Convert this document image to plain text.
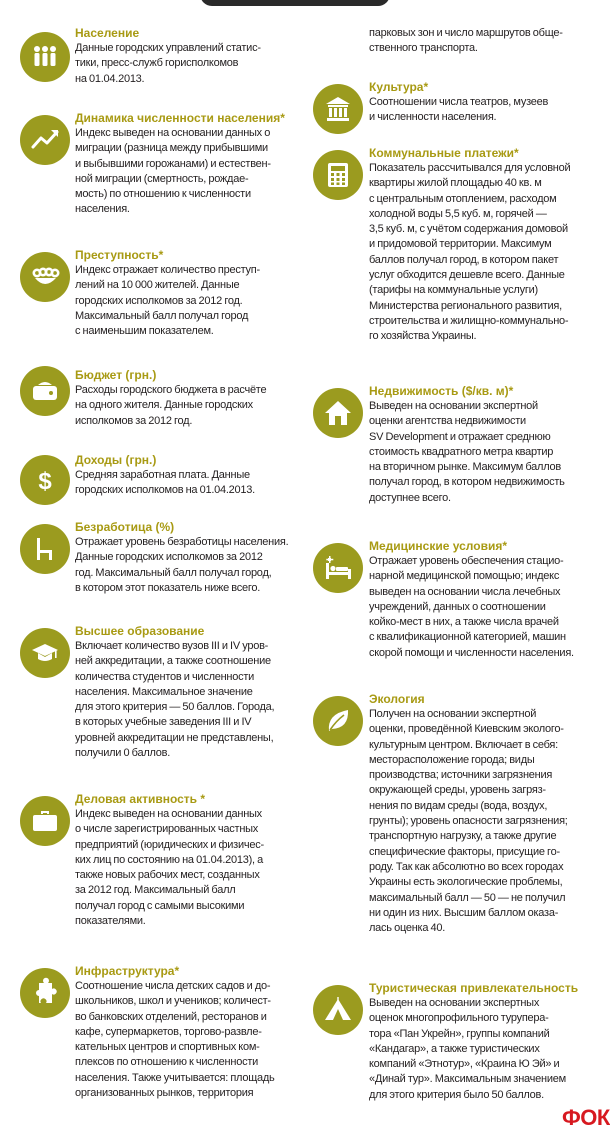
Население
Данные городских управлений статис-
тики, пресс-служб горисполкомов
на 01.04.2013.
Динамика численности населения*
Индекс выведен на основании данных о
миграции (разница между прибывшими
и выбывшими горожанами) и естествен-
ной миграции (смертность, рождае-
мость) по отношению к численности
населения.
Преступность*
Индекс отражает количество преступ-
лений на 10 000 жителей. Данные
городских исполкомов за 2012 год.
Максимальный балл получал город
с наименьшим показателем.
Бюджет (грн.)
Расходы городского бюджета в расчёте
на одного жителя. Данные городских
исполкомов за 2012 год.
$
Доходы (грн.)
Средняя заработная плата. Данные
городских исполкомов на 01.04.2013.
Безработица (%)
Отражает уровень безработицы населения.
Данные городских исполкомов за 2012
год. Максимальный балл получал город,
в котором этот показатель ниже всего.
Высшее образование
Включает количество вузов III и IV уров-
ней аккредитации, а также соотношение
количества студентов и численности
населения. Максимальное значение
для этого критерия — 50 баллов. Города,
в которых учебные заведения III и IV
уровней аккредитации не представлены,
получили 0 баллов.
Деловая активность *
Индекс выведен на основании данных
о числе зарегистрированных частных
предприятий (юридических и физичес-
ких лиц по состоянию на 01.04.2013), а
также новых рабочих мест, созданных
за 2012 год. Максимальный балл
получал город с самыми высокими
показателями.
Инфраструктура*
Соотношение числа детских садов и до-
школьников, школ и учеников; количест-
во банковских отделений, ресторанов и
кафе, супермаркетов, торгово-развле-
кательных центров и спортивных ком-
плексов по отношению к численности
населения. Также учитывается: площадь
организованных рынков, территория
парковых зон и число маршрутов обще-
ственного транспорта.
Культура*
Соотношении числа театров, музеев
и численности населения.
Коммунальные платежи*
Показатель рассчитывался для условной
квартиры жилой площадью 40 кв. м
с центральным отоплением, расходом
холодной воды 5,5 куб. м, горячей —
3,5 куб. м, с учётом содержания домовой
и придомовой территории. Максимум
баллов получал город, в котором пакет
услуг обходится дешевле всего. Данные
(тарифы на коммунальные услуги)
Министерства регионального развития,
строительства и жилищно-коммунально-
го хозяйства Украины.
Недвижимость ($/кв. м)*
Выведен на основании экспертной
оценки агентства недвижимости
SV Development и отражает среднюю
стоимость квадратного метра квартир
на вторичном рынке. Максимум баллов
получал город, в котором недвижимость
доступнее всего.
Медицинские условия*
Отражает уровень обеспечения стацио-
нарной медицинской помощью; индекс
выведен на основании числа лечебных
учреждений, данных о соотношении
койко-мест в них, а также числа врачей
с квалификационной категорией, машин
скорой помощи и численности населения.
Экология
Получен на основании экспертной
оценки, проведённой Киевским эколого-
культурным центром. Включает в себя:
месторасположение города; виды
производства; источники загрязнения
окружающей среды, уровень загряз-
нения по видам среды (вода, воздух,
грунты); уровень опасности загрязнения;
транспортную нагрузку, а также другие
специфические факторы, присущие го-
роду. Так как абсолютно во всех городах
Украины есть экологические проблемы,
максимальный балл — 50 — не получил
ни один из них. Высшим баллом оказа-
лась оценка 40.
Туристическая привлекательность
Выведен на основании экспертных
оценок многопрофильного турупера-
тора «Пан Укрейн», группы компаний
«Кандагар», а также туристических
компаний «Этнотур», «Краина Ю Эй» и
«Динай тур». Максимальным значением
для этого критерия было 50 баллов.
ФОК
